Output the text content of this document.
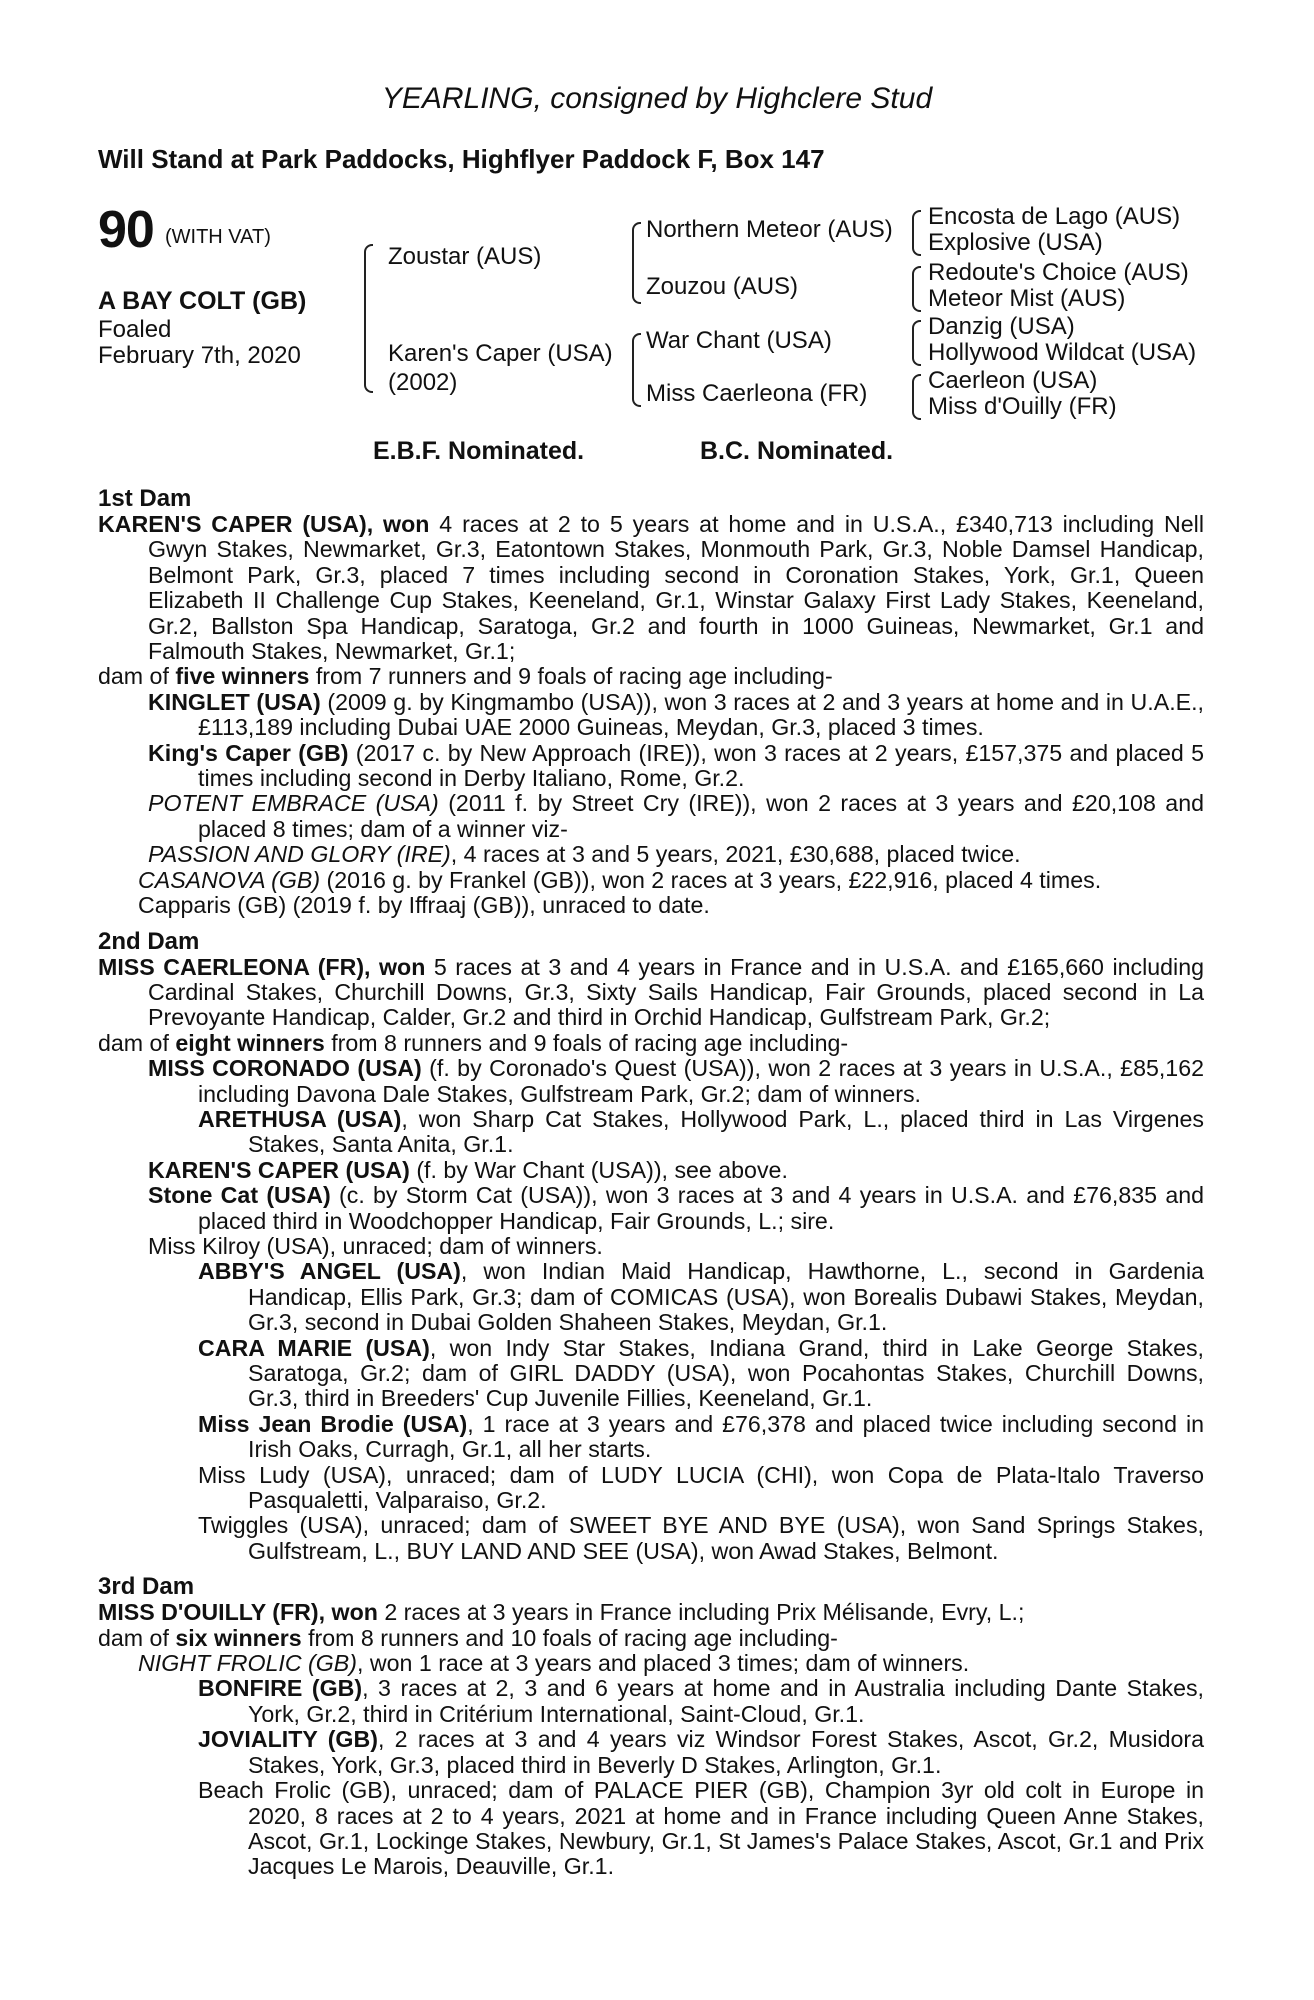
YEARLING, consigned by Highclere Stud
Will Stand at Park Paddocks, Highflyer Paddock F, Box 147
90 (WITH VAT)
A BAY COLT (GB)
Foaled
February 7th, 2020
Zoustar (AUS)
Karen's Caper (USA)
(2002)
Northern Meteor (AUS)
Zouzou (AUS)
War Chant (USA)
Miss Caerleona (FR)
Encosta de Lago (AUS)
Explosive (USA)
Redoute's Choice (AUS)
Meteor Mist (AUS)
Danzig (USA)
Hollywood Wildcat (USA)
Caerleon (USA)
Miss d'Ouilly (FR)
E.B.F. Nominated.	B.C. Nominated.
1st Dam
KAREN'S CAPER (USA), won 4 races at 2 to 5 years at home and in U.S.A., £340,713 including Nell Gwyn Stakes, Newmarket, Gr.3, Eatontown Stakes, Monmouth Park, Gr.3, Noble Damsel Handicap, Belmont Park, Gr.3, placed 7 times including second in Coronation Stakes, York, Gr.1, Queen Elizabeth II Challenge Cup Stakes, Keeneland, Gr.1, Winstar Galaxy First Lady Stakes, Keeneland, Gr.2, Ballston Spa Handicap, Saratoga, Gr.2 and fourth in 1000 Guineas, Newmarket, Gr.1 and Falmouth Stakes, Newmarket, Gr.1;
dam of five winners from 7 runners and 9 foals of racing age including-
KINGLET (USA) (2009 g. by Kingmambo (USA)), won 3 races at 2 and 3 years at home and in U.A.E., £113,189 including Dubai UAE 2000 Guineas, Meydan, Gr.3, placed 3 times.
King's Caper (GB) (2017 c. by New Approach (IRE)), won 3 races at 2 years, £157,375 and placed 5 times including second in Derby Italiano, Rome, Gr.2.
POTENT EMBRACE (USA) (2011 f. by Street Cry (IRE)), won 2 races at 3 years and £20,108 and placed 8 times; dam of a winner viz-
PASSION AND GLORY (IRE), 4 races at 3 and 5 years, 2021, £30,688, placed twice.
CASANOVA (GB) (2016 g. by Frankel (GB)), won 2 races at 3 years, £22,916, placed 4 times.
Capparis (GB) (2019 f. by Iffraaj (GB)), unraced to date.
2nd Dam
MISS CAERLEONA (FR), won 5 races at 3 and 4 years in France and in U.S.A. and £165,660 including Cardinal Stakes, Churchill Downs, Gr.3, Sixty Sails Handicap, Fair Grounds, placed second in La Prevoyante Handicap, Calder, Gr.2 and third in Orchid Handicap, Gulfstream Park, Gr.2;
dam of eight winners from 8 runners and 9 foals of racing age including-
MISS CORONADO (USA) (f. by Coronado's Quest (USA)), won 2 races at 3 years in U.S.A., £85,162 including Davona Dale Stakes, Gulfstream Park, Gr.2; dam of winners.
ARETHUSA (USA), won Sharp Cat Stakes, Hollywood Park, L., placed third in Las Virgenes Stakes, Santa Anita, Gr.1.
KAREN'S CAPER (USA) (f. by War Chant (USA)), see above.
Stone Cat (USA) (c. by Storm Cat (USA)), won 3 races at 3 and 4 years in U.S.A. and £76,835 and placed third in Woodchopper Handicap, Fair Grounds, L.; sire.
Miss Kilroy (USA), unraced; dam of winners.
ABBY'S ANGEL (USA), won Indian Maid Handicap, Hawthorne, L., second in Gardenia Handicap, Ellis Park, Gr.3; dam of COMICAS (USA), won Borealis Dubawi Stakes, Meydan, Gr.3, second in Dubai Golden Shaheen Stakes, Meydan, Gr.1.
CARA MARIE (USA), won Indy Star Stakes, Indiana Grand, third in Lake George Stakes, Saratoga, Gr.2; dam of GIRL DADDY (USA), won Pocahontas Stakes, Churchill Downs, Gr.3, third in Breeders' Cup Juvenile Fillies, Keeneland, Gr.1.
Miss Jean Brodie (USA), 1 race at 3 years and £76,378 and placed twice including second in Irish Oaks, Curragh, Gr.1, all her starts.
Miss Ludy (USA), unraced; dam of LUDY LUCIA (CHI), won Copa de Plata-Italo Traverso Pasqualetti, Valparaiso, Gr.2.
Twiggles (USA), unraced; dam of SWEET BYE AND BYE (USA), won Sand Springs Stakes, Gulfstream, L., BUY LAND AND SEE (USA), won Awad Stakes, Belmont.
3rd Dam
MISS D'OUILLY (FR), won 2 races at 3 years in France including Prix Mélisande, Evry, L.;
dam of six winners from 8 runners and 10 foals of racing age including-
NIGHT FROLIC (GB), won 1 race at 3 years and placed 3 times; dam of winners.
BONFIRE (GB), 3 races at 2, 3 and 6 years at home and in Australia including Dante Stakes, York, Gr.2, third in Critérium International, Saint-Cloud, Gr.1.
JOVIALITY (GB), 2 races at 3 and 4 years viz Windsor Forest Stakes, Ascot, Gr.2, Musidora Stakes, York, Gr.3, placed third in Beverly D Stakes, Arlington, Gr.1.
Beach Frolic (GB), unraced; dam of PALACE PIER (GB), Champion 3yr old colt in Europe in 2020, 8 races at 2 to 4 years, 2021 at home and in France including Queen Anne Stakes, Ascot, Gr.1, Lockinge Stakes, Newbury, Gr.1, St James's Palace Stakes, Ascot, Gr.1 and Prix Jacques Le Marois, Deauville, Gr.1.
